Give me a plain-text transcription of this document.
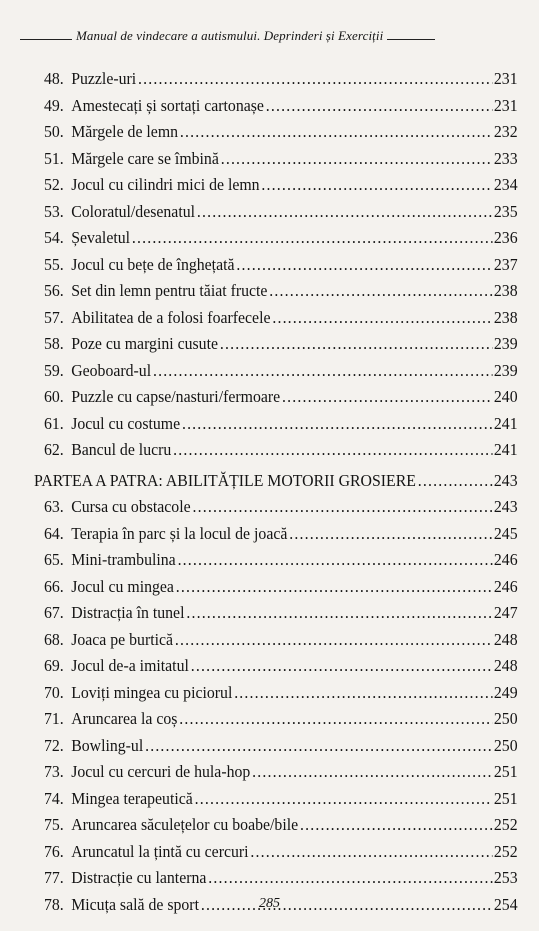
Manual de vindecare a autismului. Deprinderi și Exerciții
48. Puzzle-uri . . .	231
49. Amestecați și sortați cartonașe . . .	231
50. Mărgele de lemn . . .	232
51. Mărgele care se îmbină . . .	233
52. Jocul cu cilindri mici de lemn . . .	234
53. Coloratul/desenatul . . .	235
54. Șevaletul . . .	236
55. Jocul cu bețe de înghețată . . .	237
56. Set din lemn pentru tăiat fructe . . .	238
57. Abilitatea de a folosi foarfecele . . .	238
58. Poze cu margini cusute . . .	239
59. Geoboard-ul . . .	239
60. Puzzle cu capse/nasturi/fermoare . . .	240
61. Jocul cu costume . . .	241
62. Bancul de lucru . . .	241
PARTEA A PATRA: ABILITĂȚILE MOTORII GROSIERE . . .	243
63. Cursa cu obstacole . . .	243
64. Terapia în parc și la locul de joacă . . .	245
65. Mini-trambulina . . .	246
66. Jocul cu mingea . . .	246
67. Distracția în tunel . . .	247
68. Joaca pe burtică . . .	248
69. Jocul de-a imitatul . . .	248
70. Loviți mingea cu piciorul . . .	249
71. Aruncarea la coș . . .	250
72. Bowling-ul . . .	250
73. Jocul cu cercuri de hula-hop . . .	251
74. Mingea terapeutică . . .	251
75. Aruncarea săculețelor cu boabe/bile . . .	252
76. Aruncatul la țintă cu cercuri . . .	252
77. Distracție cu lanterna . . .	253
78. Micuța sală de sport . . .	254
285
